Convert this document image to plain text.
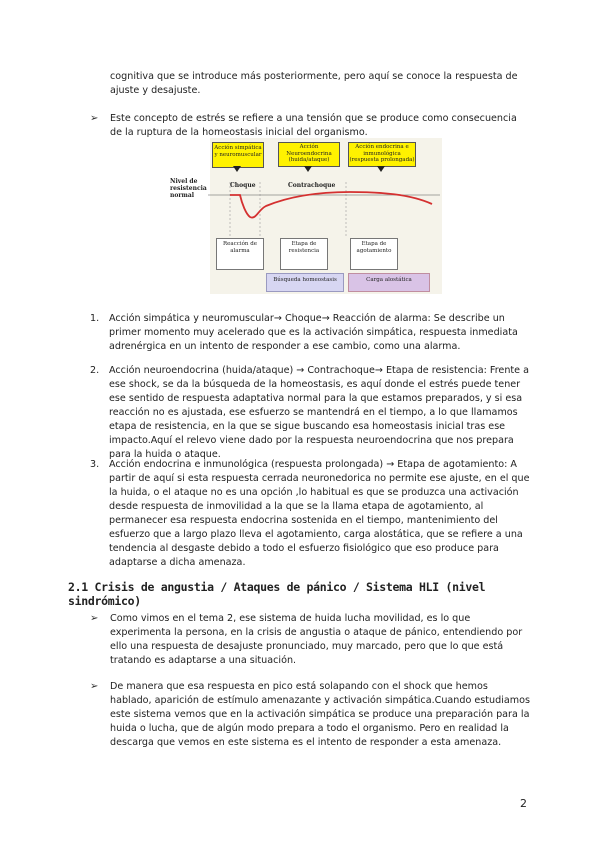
cognitiva que se introduce más posteriormente, pero aquí se conoce la respuesta de ajuste y desajuste.
➢ Este concepto de estrés se refiere a una tensión que se produce como consecuencia de la ruptura de la homeostasis inicial del organismo.
Acción simpática y neuromuscular
Acción Neuroendocrina (huida/ataque)
Acción endocrina e inmunológica (respuesta prolongada)
Nivel de resistencia normal
Choque	Contrachoque
Reacción de alarma
Etapa de resistencia
Etapa de agotamiento
Búsqueda homeostasis	Carga alostática
1. Acción simpática y neuromuscular→ Choque→ Reacción de alarma: Se describe un primer momento muy acelerado que es la activación simpática, respuesta inmediata adrenérgica en un intento de responder a ese cambio, como una alarma.
2. Acción neuroendocrina (huida/ataque) → Contrachoque→ Etapa de resistencia: Frente a ese shock, se da la búsqueda de la homeostasis, es aquí donde el estrés puede tener ese sentido de respuesta adaptativa normal para la que estamos preparados, y si esa reacción no es ajustada, ese esfuerzo se mantendrá en el tiempo, a lo que llamamos etapa de resistencia, en la que se sigue buscando esa homeostasis inicial tras ese impacto.Aquí el relevo viene dado por la respuesta neuroendocrina que nos prepara para la huida o ataque.
3. Acción endocrina e inmunológica (respuesta prolongada) → Etapa de agotamiento: A partir de aquí si esta respuesta cerrada neuronedorica no permite ese ajuste, en el que la huida, o el ataque no es una opción ,lo habitual es que se produzca una activación desde respuesta de inmovilidad a la que se la llama etapa de agotamiento, al permanecer esa respuesta endocrina sostenida en el tiempo, mantenimiento del esfuerzo que a largo plazo lleva el agotamiento, carga alostática, que se refiere a una tendencia al desgaste debido a todo el esfuerzo fisiológico que eso produce para adaptarse a dicha amenaza.
2.1 Crisis de angustia / Ataques de pánico / Sistema HLI (nivel sindrómico)
➢ Como vimos en el tema 2, ese sistema de huida lucha movilidad, es lo que experimenta la persona, en la crisis de angustia o ataque de pánico, entendiendo por ello una respuesta de desajuste pronunciado, muy marcado, pero que lo que está tratando es adaptarse a una situación.
➢ De manera que esa respuesta en pico está solapando con el shock que hemos hablado, aparición de estímulo amenazante y activación simpática.Cuando estudiamos este sistema vemos que en la activación simpática se produce una preparación para la huida o lucha, que de algún modo prepara a todo el organismo. Pero en realidad la descarga que vemos en este sistema es el intento de responder a esta amenaza.
2
